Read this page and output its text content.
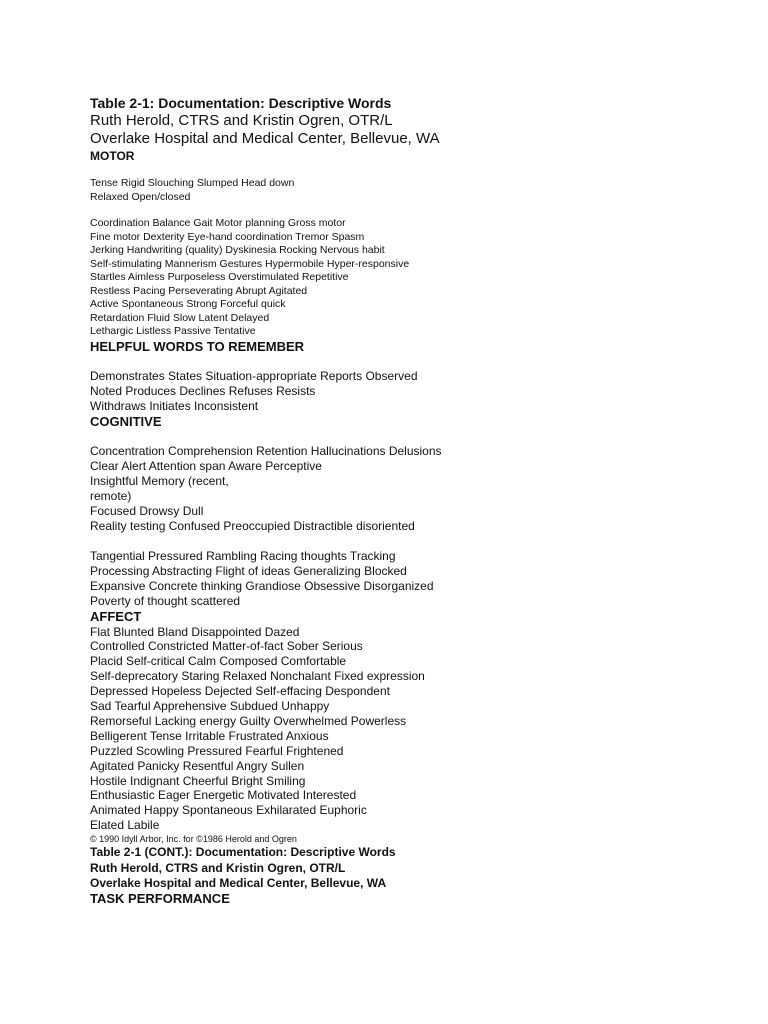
Table 2-1: Documentation: Descriptive Words

Ruth Herold, CTRS and Kristin Ogren, OTR/L

Overlake Hospital and Medical Center, Bellevue, WA

MOTOR

Tense Rigid Slouching Slumped Head down

Relaxed Open/closed

Coordination Balance Gait Motor planning Gross motor

Fine motor Dexterity Eye-hand coordination Tremor Spasm

Jerking Handwriting (quality) Dyskinesia Rocking Nervous habit

Self-stimulating Mannerism Gestures Hypermobile Hyper-responsive

Startles Aimless Purposeless Overstimulated Repetitive

Restless Pacing Perseverating Abrupt Agitated

Active Spontaneous Strong Forceful quick

Retardation Fluid Slow Latent Delayed

Lethargic Listless Passive Tentative

HELPFUL WORDS TO REMEMBER

Demonstrates States Situation-appropriate Reports Observed

Noted Produces Declines Refuses Resists

Withdraws Initiates Inconsistent

COGNITIVE

Concentration Comprehension Retention Hallucinations Delusions

Clear Alert Attention span Aware Perceptive

Insightful Memory (recent,

remote)

Focused Drowsy Dull

Reality testing Confused Preoccupied Distractible disoriented

Tangential Pressured Rambling Racing thoughts Tracking

Processing Abstracting Flight of ideas Generalizing Blocked

Expansive Concrete thinking Grandiose Obsessive Disorganized

Poverty of thought scattered

AFFECT

Flat Blunted Bland Disappointed Dazed

Controlled Constricted Matter-of-fact Sober Serious

Placid Self-critical Calm Composed Comfortable

Self-deprecatory Staring Relaxed Nonchalant Fixed expression

Depressed Hopeless Dejected Self-effacing Despondent

Sad Tearful Apprehensive Subdued Unhappy

Remorseful Lacking energy Guilty Overwhelmed Powerless

Belligerent Tense Irritable Frustrated Anxious

Puzzled Scowling Pressured Fearful Frightened

Agitated Panicky Resentful Angry Sullen

Hostile Indignant Cheerful Bright Smiling

Enthusiastic Eager Energetic Motivated Interested

Animated Happy Spontaneous Exhilarated Euphoric

Elated Labile

© 1990 Idyll Arbor, Inc. for ©1986 Herold and Ogren

Table 2-1 (CONT.): Documentation: Descriptive Words

Ruth Herold, CTRS and Kristin Ogren, OTR/L

Overlake Hospital and Medical Center, Bellevue, WA

TASK PERFORMANCE
